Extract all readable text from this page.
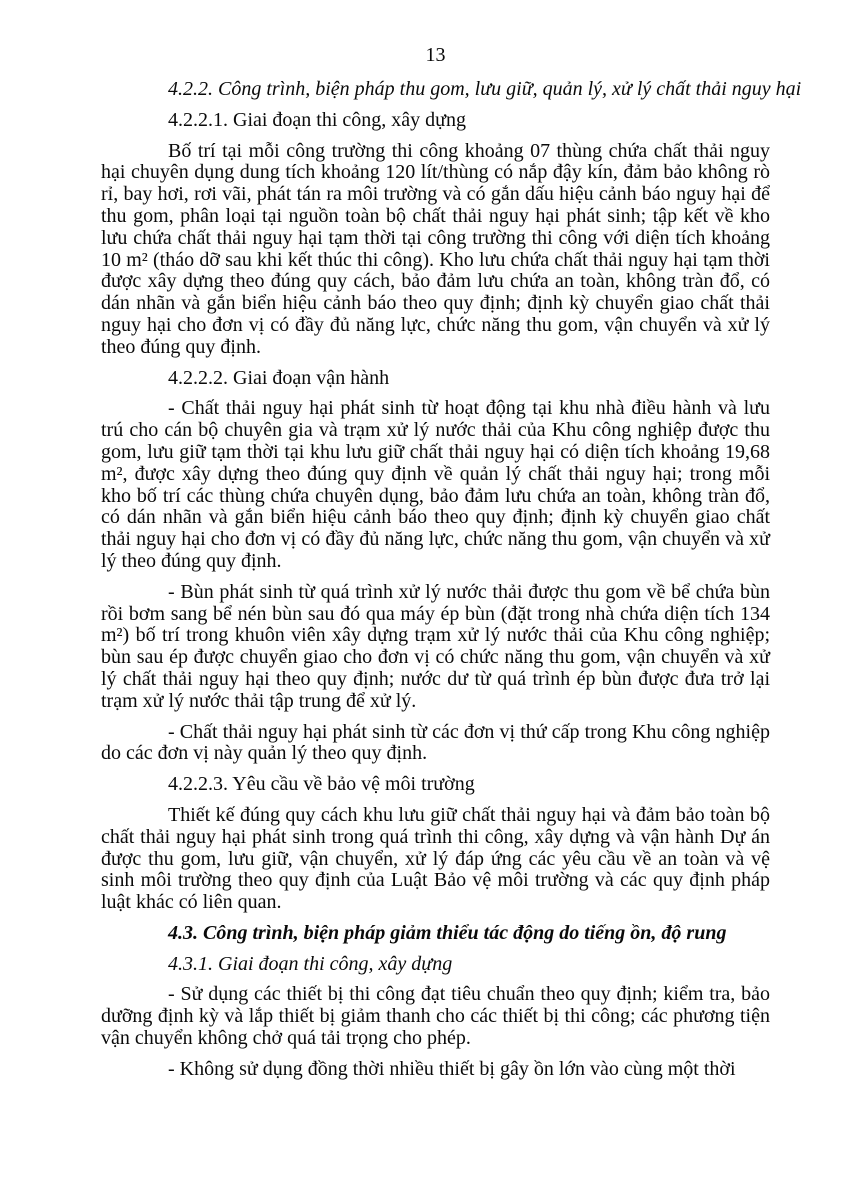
13
4.2.2. Công trình, biện pháp thu gom, lưu giữ, quản lý, xử lý chất thải nguy hại
4.2.2.1. Giai đoạn thi công, xây dựng
Bố trí tại mỗi công trường thi công khoảng 07 thùng chứa chất thải nguy hại chuyên dụng dung tích khoảng 120 lít/thùng có nắp đậy kín, đảm bảo không rò rỉ, bay hơi, rơi vãi, phát tán ra môi trường và có gắn dấu hiệu cảnh báo nguy hại để thu gom, phân loại tại nguồn toàn bộ chất thải nguy hại phát sinh; tập kết về kho lưu chứa chất thải nguy hại tạm thời tại công trường thi công với diện tích khoảng 10 m² (tháo dỡ sau khi kết thúc thi công). Kho lưu chứa chất thải nguy hại tạm thời được xây dựng theo đúng quy cách, bảo đảm lưu chứa an toàn, không tràn đổ, có dán nhãn và gắn biển hiệu cảnh báo theo quy định; định kỳ chuyển giao chất thải nguy hại cho đơn vị có đầy đủ năng lực, chức năng thu gom, vận chuyển và xử lý theo đúng quy định.
4.2.2.2. Giai đoạn vận hành
- Chất thải nguy hại phát sinh từ hoạt động tại khu nhà điều hành và lưu trú cho cán bộ chuyên gia và trạm xử lý nước thải của Khu công nghiệp được thu gom, lưu giữ tạm thời tại khu lưu giữ chất thải nguy hại có diện tích khoảng 19,68 m², được xây dựng theo đúng quy định về quản lý chất thải nguy hại; trong mỗi kho bố trí các thùng chứa chuyên dụng, bảo đảm lưu chứa an toàn, không tràn đổ, có dán nhãn và gắn biển hiệu cảnh báo theo quy định; định kỳ chuyển giao chất thải nguy hại cho đơn vị có đầy đủ năng lực, chức năng thu gom, vận chuyển và xử lý theo đúng quy định.
- Bùn phát sinh từ quá trình xử lý nước thải được thu gom về bể chứa bùn rồi bơm sang bể nén bùn sau đó qua máy ép bùn (đặt trong nhà chứa diện tích 134 m²) bố trí trong khuôn viên xây dựng trạm xử lý nước thải của Khu công nghiệp; bùn sau ép được chuyển giao cho đơn vị có chức năng thu gom, vận chuyển và xử lý chất thải nguy hại theo quy định; nước dư từ quá trình ép bùn được đưa trở lại trạm xử lý nước thải tập trung để xử lý.
- Chất thải nguy hại phát sinh từ các đơn vị thứ cấp trong Khu công nghiệp do các đơn vị này quản lý theo quy định.
4.2.2.3. Yêu cầu về bảo vệ môi trường
Thiết kế đúng quy cách khu lưu giữ chất thải nguy hại và đảm bảo toàn bộ chất thải nguy hại phát sinh trong quá trình thi công, xây dựng và vận hành Dự án được thu gom, lưu giữ, vận chuyển, xử lý đáp ứng các yêu cầu về an toàn và vệ sinh môi trường theo quy định của Luật Bảo vệ môi trường và các quy định pháp luật khác có liên quan.
4.3. Công trình, biện pháp giảm thiểu tác động do tiếng ồn, độ rung
4.3.1. Giai đoạn thi công, xây dựng
- Sử dụng các thiết bị thi công đạt tiêu chuẩn theo quy định; kiểm tra, bảo dưỡng định kỳ và lắp thiết bị giảm thanh cho các thiết bị thi công; các phương tiện vận chuyển không chở quá tải trọng cho phép.
- Không sử dụng đồng thời nhiều thiết bị gây ồn lớn vào cùng một thời
